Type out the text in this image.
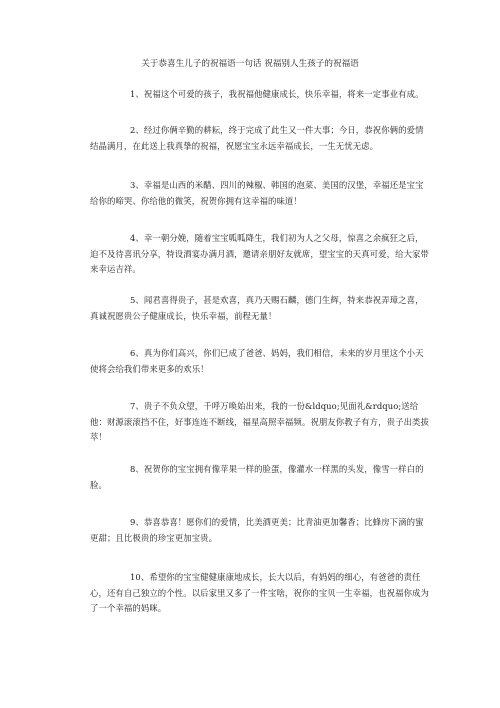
关于恭喜生儿子的祝福语一句话 祝福别人生孩子的祝福语
1、祝福这个可爱的孩子，我祝福他健康成长，快乐幸福，将来一定事业有成。
2、经过你俩辛勤的耕耘，终于完成了此生又一件大事；今日，恭祝你俩的爱情结晶满月，在此送上我真挚的祝福，祝愿宝宝永远幸福成长，一生无忧无虑。
3、幸福是山西的米醋、四川的辣椒、韩国的泡菜、美国的汉堡，幸福还是宝宝给你的啼哭、你给他的微笑，祝贺你拥有这幸福的味道！
4、幸一朝分娩，随着宝宝呱呱降生，我们初为人之父母，惊喜之余疯狂之后，迫不及待喜讯分享，特设酒宴办满月酒，邀请亲朋好友就席，望宝宝的天真可爱，给大家带来幸运吉祥。
5、闻君喜得贵子，甚是欢喜，真乃天赐石麟，德门生辉，特来恭祝弄璋之喜，真诚祝愿贵公子健康成长，快乐幸福，前程无量！
6、真为你们高兴，你们已成了爸爸、妈妈，我们相信，未来的岁月里这个小天使将会给我们带来更多的欢乐！
7、贵子不负众望，千呼万唤始出来，我的一份&ldquo;见面礼&rdquo;送给他：财源滚滚挡不住，好事连连不断线，福星高照幸福频。祝朋友你教子有方，贵子出类拔萃！
8、祝贺你的宝宝拥有像苹果一样的脸蛋，像灌水一样黑的头发，像雪一样白的脸。
9、恭喜恭喜！愿你们的爱情，比美酒更美；比青油更加馨香；比蜂房下滴的蜜更甜；且比极贵的珍宝更加宝贵。
10、希望你的宝宝健健康康地成长，长大以后，有妈妈的细心，有爸爸的责任心，还有自己独立的个性。以后家里又多了一件宝啥，祝你的宝贝一生幸福，也祝福你成为了一个幸福的妈咪。
